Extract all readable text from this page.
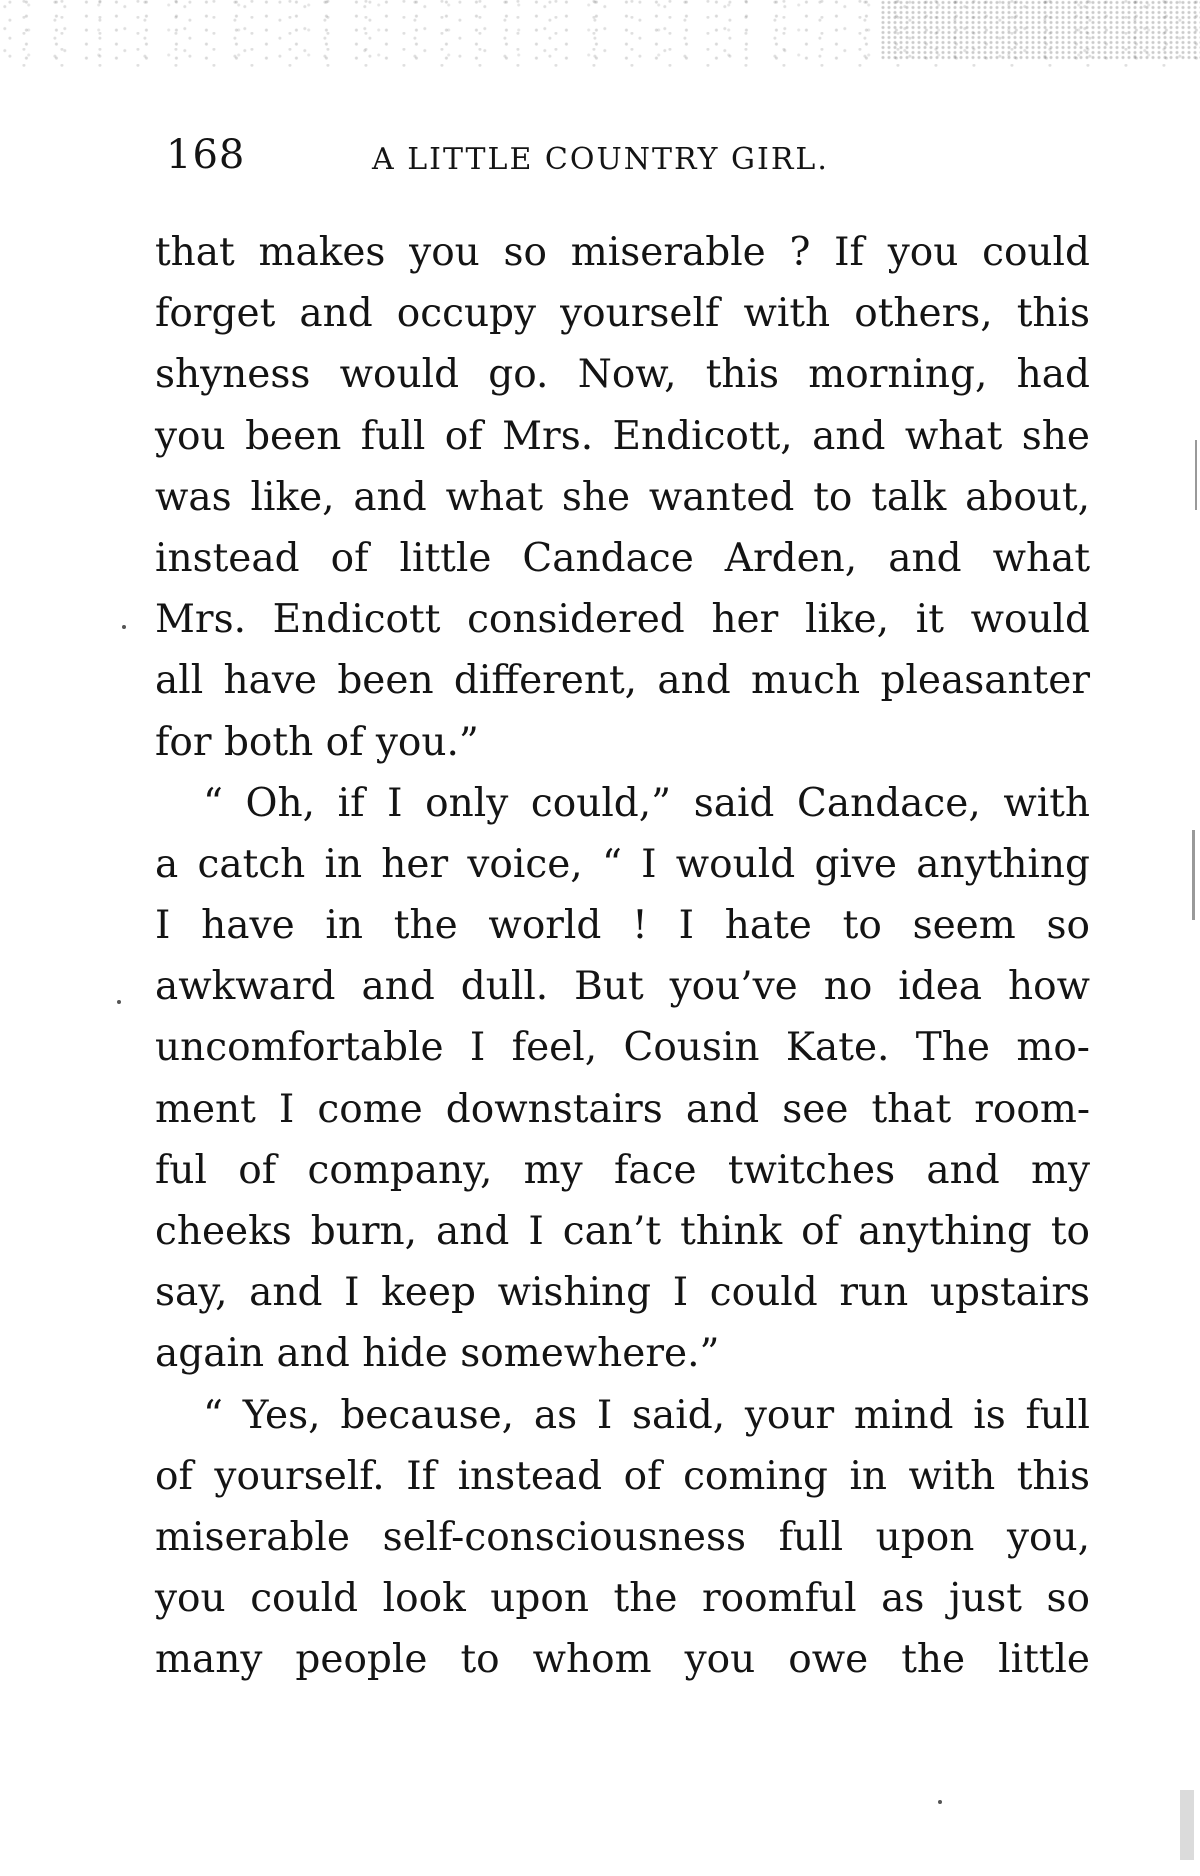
168	A LITTLE COUNTRY GIRL.
that makes you so miserable ? If you could
forget and occupy yourself with others, this
shyness would go. Now, this morning, had
you been full of Mrs. Endicott, and what she
was like, and what she wanted to talk about,
instead of little Candace Arden, and what
Mrs. Endicott considered her like, it would
all have been different, and much pleasanter
for both of you.”
“ Oh, if I only could,” said Candace, with
a catch in her voice, “ I would give anything
I have in the world ! I hate to seem so
awkward and dull. But you’ve no idea how
uncomfortable I feel, Cousin Kate. The mo-
ment I come downstairs and see that room-
ful of company, my face twitches and my
cheeks burn, and I can’t think of anything to
say, and I keep wishing I could run upstairs
again and hide somewhere.”
“ Yes, because, as I said, your mind is full
of yourself. If instead of coming in with this
miserable self-consciousness full upon you,
you could look upon the roomful as just so
many people to whom you owe the little
